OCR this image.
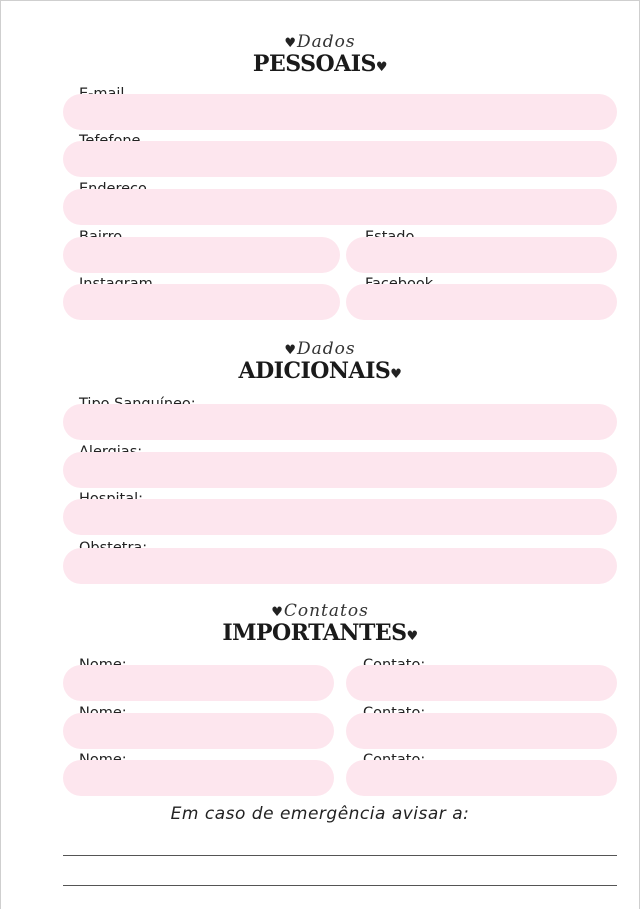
♥Dados
PESSOAIS♥
♥Dados
ADICIONAIS♥
♥Contatos
IMPORTANTES♥
Em caso de emergência avisar a:
